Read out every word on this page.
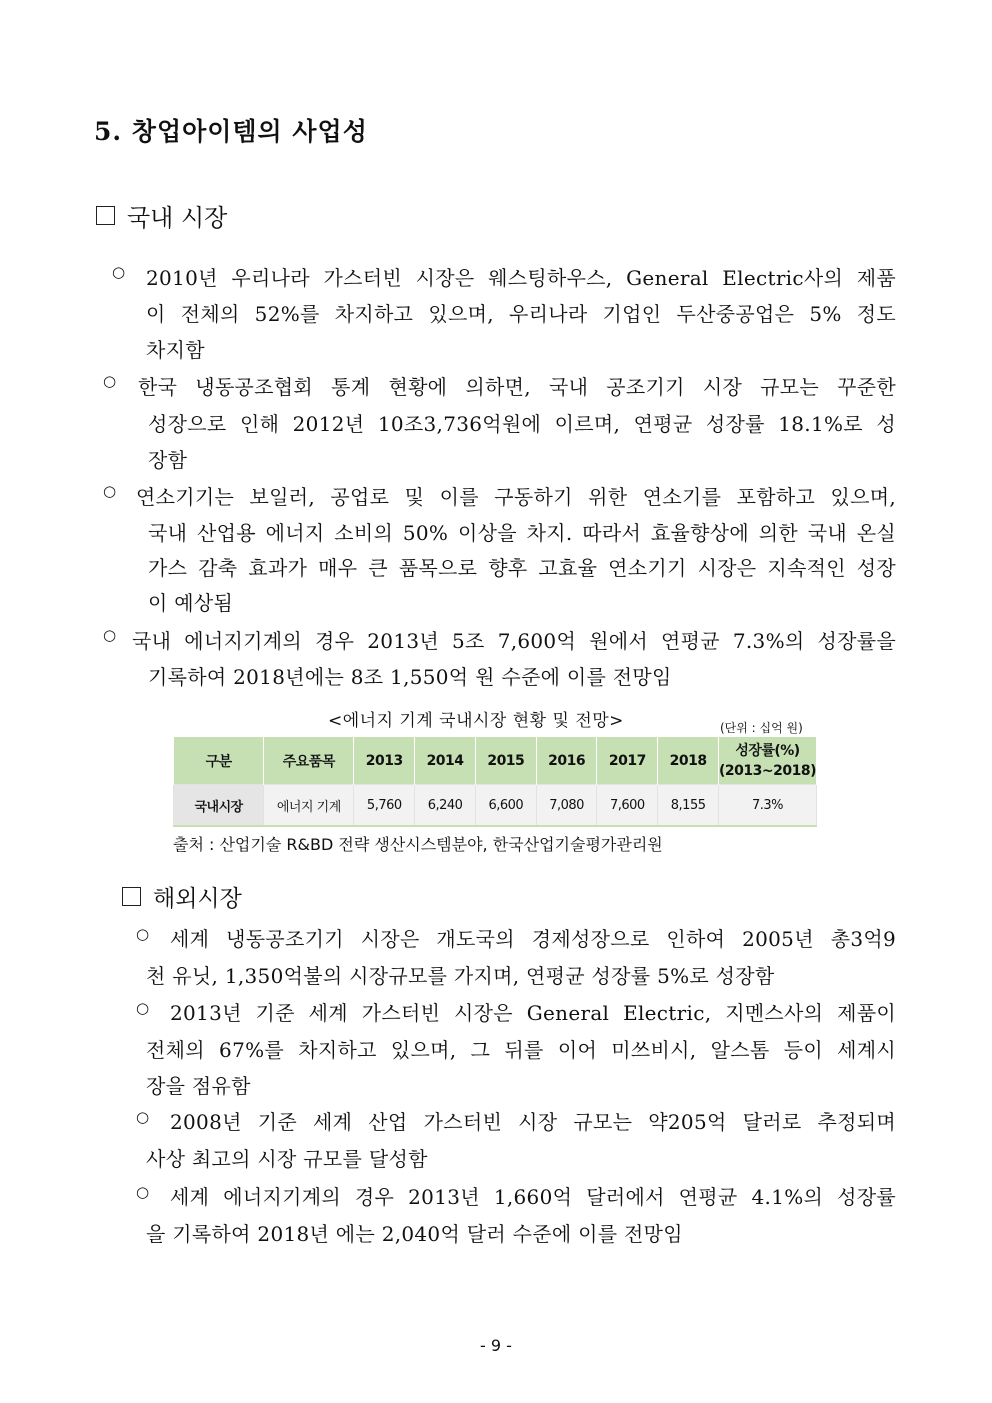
5. 창업아이템의 사업성
국내 시장
○ 2010년 우리나라 가스터빈 시장은 웨스팅하우스, General Electric사의 제품
이 전체의 52%를 차지하고 있으며, 우리나라 기업인 두산중공업은 5% 정도
차지함
○ 한국 냉동공조협회 통계 현황에 의하면, 국내 공조기기 시장 규모는 꾸준한
성장으로 인해 2012년 10조3,736억원에 이르며, 연평균 성장률 18.1%로 성
장함
○ 연소기기는 보일러, 공업로 및 이를 구동하기 위한 연소기를 포함하고 있으며,
국내 산업용 에너지 소비의 50% 이상을 차지. 따라서 효율향상에 의한 국내 온실
가스 감축 효과가 매우 큰 품목으로 향후 고효율 연소기기 시장은 지속적인 성장
이 예상됨
○ 국내 에너지기계의 경우 2013년 5조 7,600억 원에서 연평균 7.3%의 성장률을
기록하여 2018년에는 8조 1,550억 원 수준에 이를 전망임
<에너지 기계 국내시장 현황 및 전망>	(단위 : 십억 원)
구분	주요품목	2013	2014	2015	2016	2017	2018	성장률(%)
(2013~2018)

국내시장	에너지 기계	5,760	6,240	6,600	7,080	7,600	8,155	7.3%
출처 : 산업기술 R&BD 전략 생산시스템분야, 한국산업기술평가관리원
해외시장
○ 세계 냉동공조기기 시장은 개도국의 경제성장으로 인하여 2005년 총3억9
천 유닛, 1,350억불의 시장규모를 가지며, 연평균 성장률 5%로 성장함
○ 2013년 기준 세계 가스터빈 시장은 General Electric, 지멘스사의 제품이
전체의 67%를 차지하고 있으며, 그 뒤를 이어 미쓰비시, 알스톰 등이 세계시
장을 점유함
○ 2008년 기준 세계 산업 가스터빈 시장 규모는 약205억 달러로 추정되며
사상 최고의 시장 규모를 달성함
○ 세계 에너지기계의 경우 2013년 1,660억 달러에서 연평균 4.1%의 성장률
을 기록하여 2018년 에는 2,040억 달러 수준에 이를 전망임
- 9 -
